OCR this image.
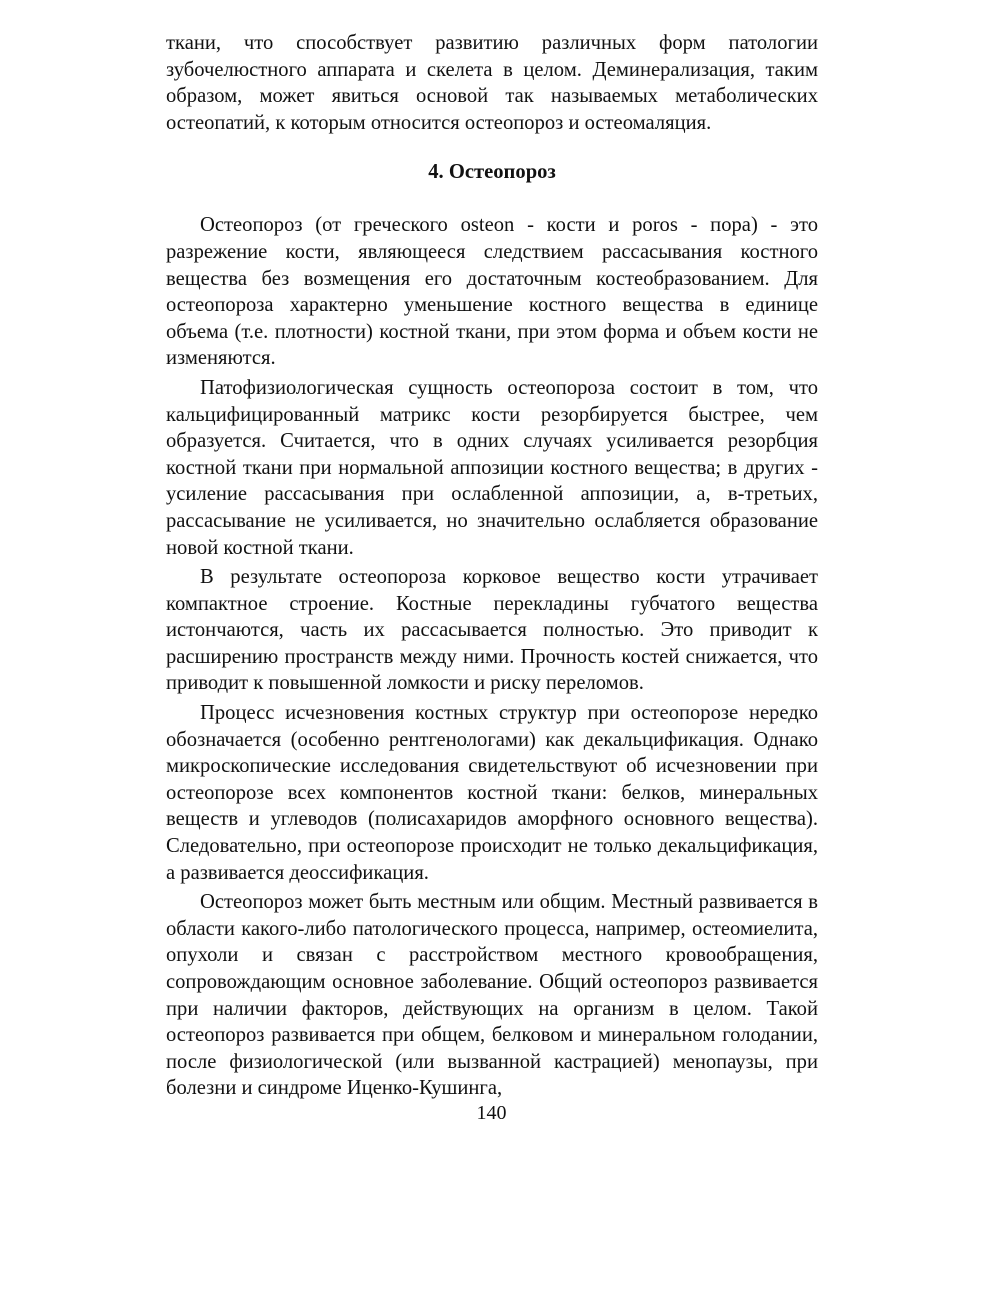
ткани, что способствует развитию различных форм патологии зубочелюстного аппарата и скелета в целом. Деминерализация, таким образом, может явиться основой так называемых метаболических остеопатий, к которым относится остеопороз и остеомаляция.

4. Остеопороз

Остеопороз (от греческого osteon - кости и poros - пора) - это разрежение кости, являющееся следствием рассасывания костного вещества без возмещения его достаточным костеобразованием. Для остеопороза характерно уменьшение костного вещества в единице объема (т.е. плотности) костной ткани, при этом форма и объем кости не изменяются.

Патофизиологическая сущность остеопороза состоит в том, что кальцифицированный матрикс кости резорбируется быстрее, чем образуется. Считается, что в одних случаях усиливается резорбция костной ткани при нормальной аппозиции костного вещества; в других - усиление рассасывания при ослабленной аппозиции, а, в-третьих, рассасывание не усиливается, но значительно ослабляется образование новой костной ткани.

В результате остеопороза корковое вещество кости утрачивает компактное строение. Костные перекладины губчатого вещества истончаются, часть их рассасывается полностью. Это приводит к расширению пространств между ними. Прочность костей снижается, что приводит к повышенной ломкости и риску переломов.

Процесс исчезновения костных структур при остеопорозе нередко обозначается (особенно рентгенологами) как декальцификация. Однако микроскопические исследования свидетельствуют об исчезновении при остеопорозе всех компонентов костной ткани: белков, минеральных веществ и углеводов (полисахаридов аморфного основного вещества). Следовательно, при остеопорозе происходит не только декальцификация, а развивается деоссификация.

Остеопороз может быть местным или общим. Местный развивается в области какого-либо патологического процесса, например, остеомиелита, опухоли и связан с расстройством местного кровообращения, сопровождающим основное заболевание. Общий остеопороз развивается при наличии факторов, действующих на организм в целом. Такой остеопороз развивается при общем, белковом и минеральном голодании, после физиологической (или вызванной кастрацией) менопаузы, при болезни и синдроме Иценко-Кушинга,

140
